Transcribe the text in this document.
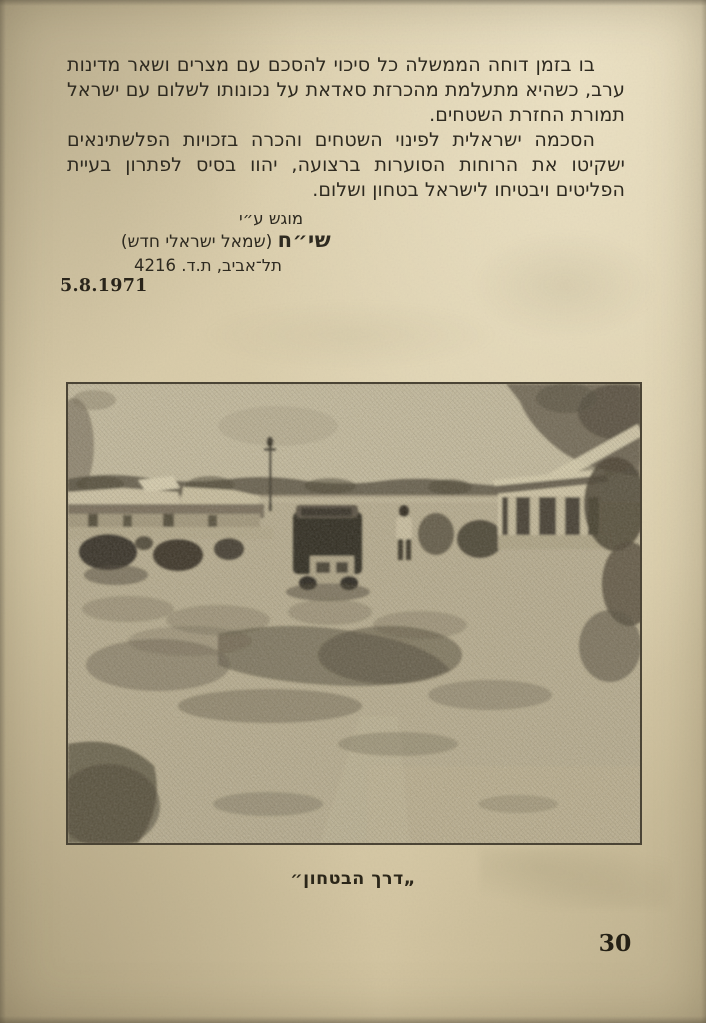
בו בזמן דוחה הממשלה כל סיכוי להסכם עם מצרים ושאר מדינות ערב, כשהיא מתעלמת מהכרזת סאדאת על נכונותו לשלום עם ישראל תמורת החזרת השטחים.

הסכמה ישראלית לפינוי השטחים והכרה בזכויות הפלשתינאים ישקיטו את הרוחות הסוערות ברצועה, יהוו בסיס לפתרון בעיית הפליטים ויבטיחו לישראל בטחון ושלום.

מוגש ע״י
שי״ח (שמאל ישראלי חדש)
תל־אביב, ת.ד. 4216
5.8.1971
„דרך הבטחון״
30
